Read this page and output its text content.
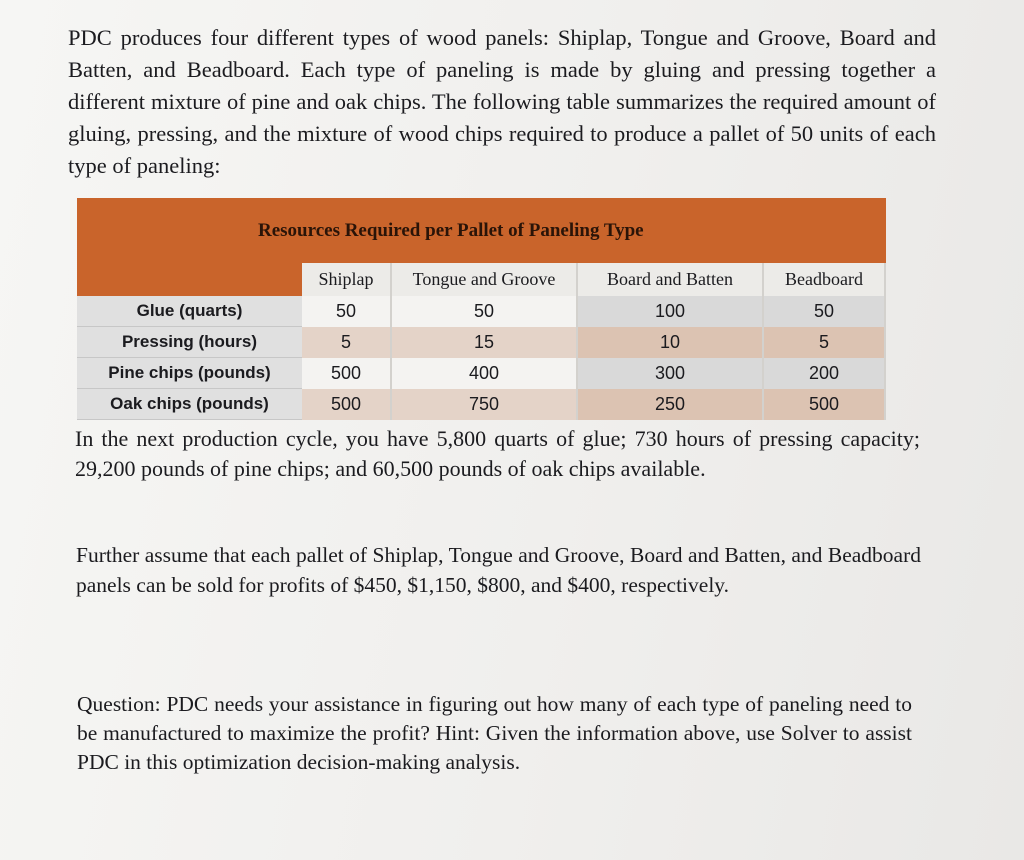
PDC produces four different types of wood panels: Shiplap, Tongue and Groove, Board and Batten, and Beadboard. Each type of paneling is made by gluing and pressing together a different mixture of pine and oak chips. The following table summarizes the required amount of gluing, pressing, and the mixture of wood chips required to produce a pallet of 50 units of each type of paneling:

Resources Required per Pallet of Paneling Type
Shiplap	Tongue and Groove	Board and Batten	Beadboard
Glue (quarts)	50	50	100	50
Pressing (hours)	5	15	10	5
Pine chips (pounds)	500	400	300	200
Oak chips (pounds)	500	750	250	500

In the next production cycle, you have 5,800 quarts of glue; 730 hours of pressing capacity; 29,200 pounds of pine chips; and 60,500 pounds of oak chips available.

Further assume that each pallet of Shiplap, Tongue and Groove, Board and Batten, and Beadboard panels can be sold for profits of $450, $1,150, $800, and $400, respectively.

Question: PDC needs your assistance in figuring out how many of each type of paneling need to be manufactured to maximize the profit? Hint: Given the information above, use Solver to assist PDC in this optimization decision-making analysis.
